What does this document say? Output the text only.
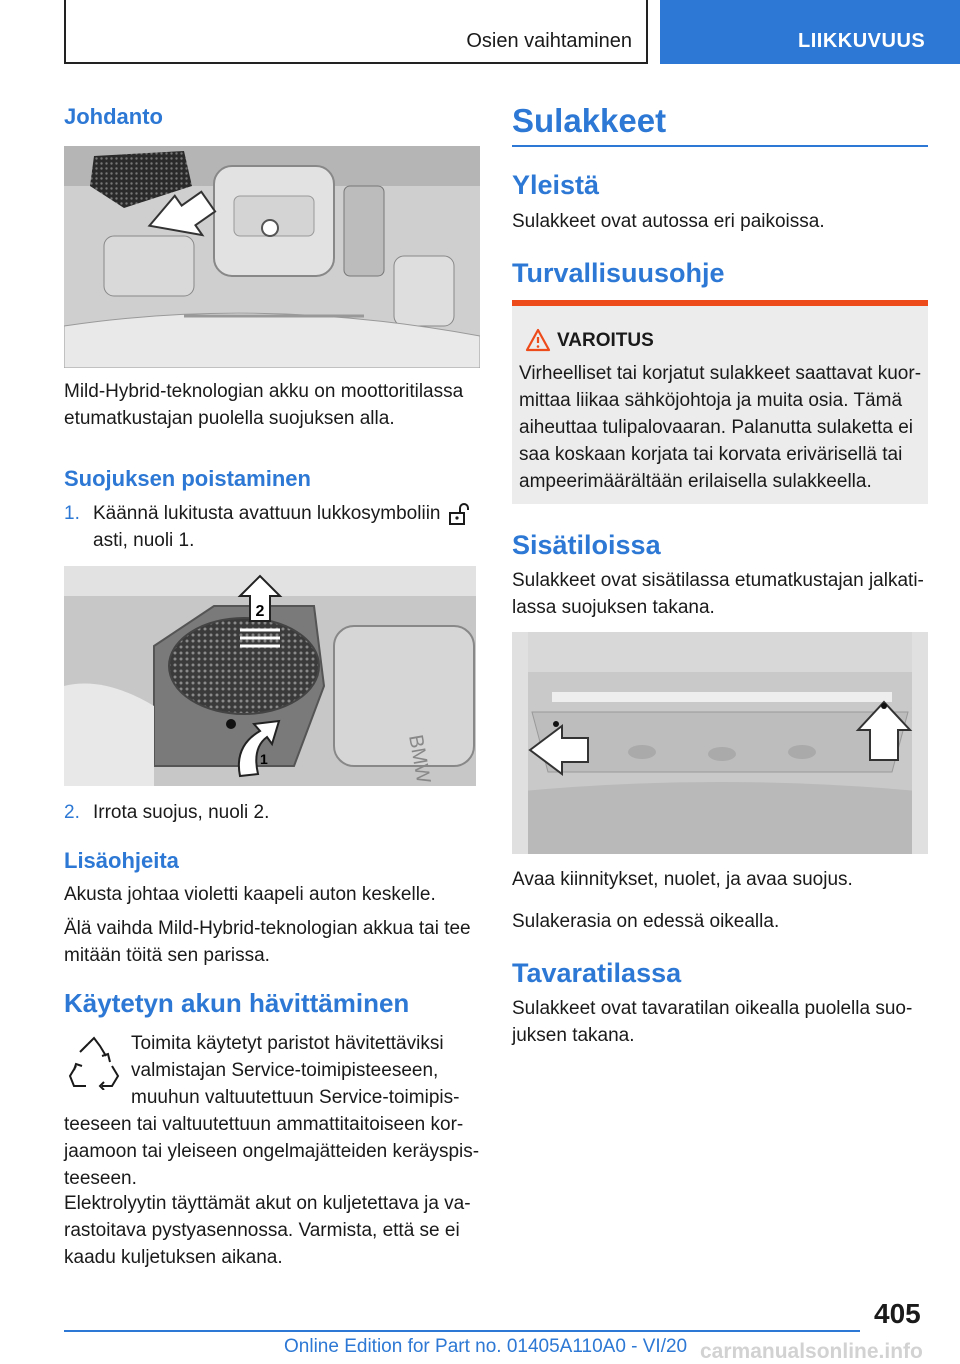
Osien vaihtaminen	LIIKKUVUUS
Johdanto

Mild-Hybrid-teknologian akku on moottoritilassa etumatkustajan puolella suojuksen alla.

Suojuksen poistaminen
1. Käännä lukitusta avattuun lukkosymboliin
asti, nuoli 1.
BMW
2
1
2. Irrota suojus, nuoli 2.
Lisäohjeita

Akusta johtaa violetti kaapeli auton keskelle.

Älä vaihda Mild-Hybrid-teknologian akkua tai tee mitään töitä sen parissa.

Käytetyn akun hävittäminen
Toimita käytetyt paristot hävitettäviksi valmistajan Service-toimipisteeseen, muuhun valtuutettuun Service-toimipis-teeseen tai valtuutettuun ammattitaitoiseen kor-jaamoon tai yleiseen ongelmajätteiden keräyspis-teeseen.

Elektrolyytin täyttämät akut on kuljetettava ja va-rastoitava pystyasennossa. Varmista, että se ei kaadu kuljetuksen aikana.

Sulakkeet
Yleistä

Sulakkeet ovat autossa eri paikoissa.

Turvallisuusohje
VAROITUS

Virheelliset tai korjatut sulakkeet saattavat kuor-mittaa liikaa sähköjohtoja ja muita osia. Tämä aiheuttaa tulipalovaaran. Palanutta sulaketta ei saa koskaan korjata tai korvata erivärisellä tai ampeerimäärältään erilaisella sulakkeella.

Sisätiloissa

Sulakkeet ovat sisätilassa etumatkustajan jalkati-lassa suojuksen takana.

Avaa kiinnitykset, nuolet, ja avaa suojus.

Sulakerasia on edessä oikealla.

Tavaratilassa

Sulakkeet ovat tavaratilan oikealla puolella suo-juksen takana.

405
Online Edition for Part no. 01405A110A0 - VI/20 carmanualsonline.info
